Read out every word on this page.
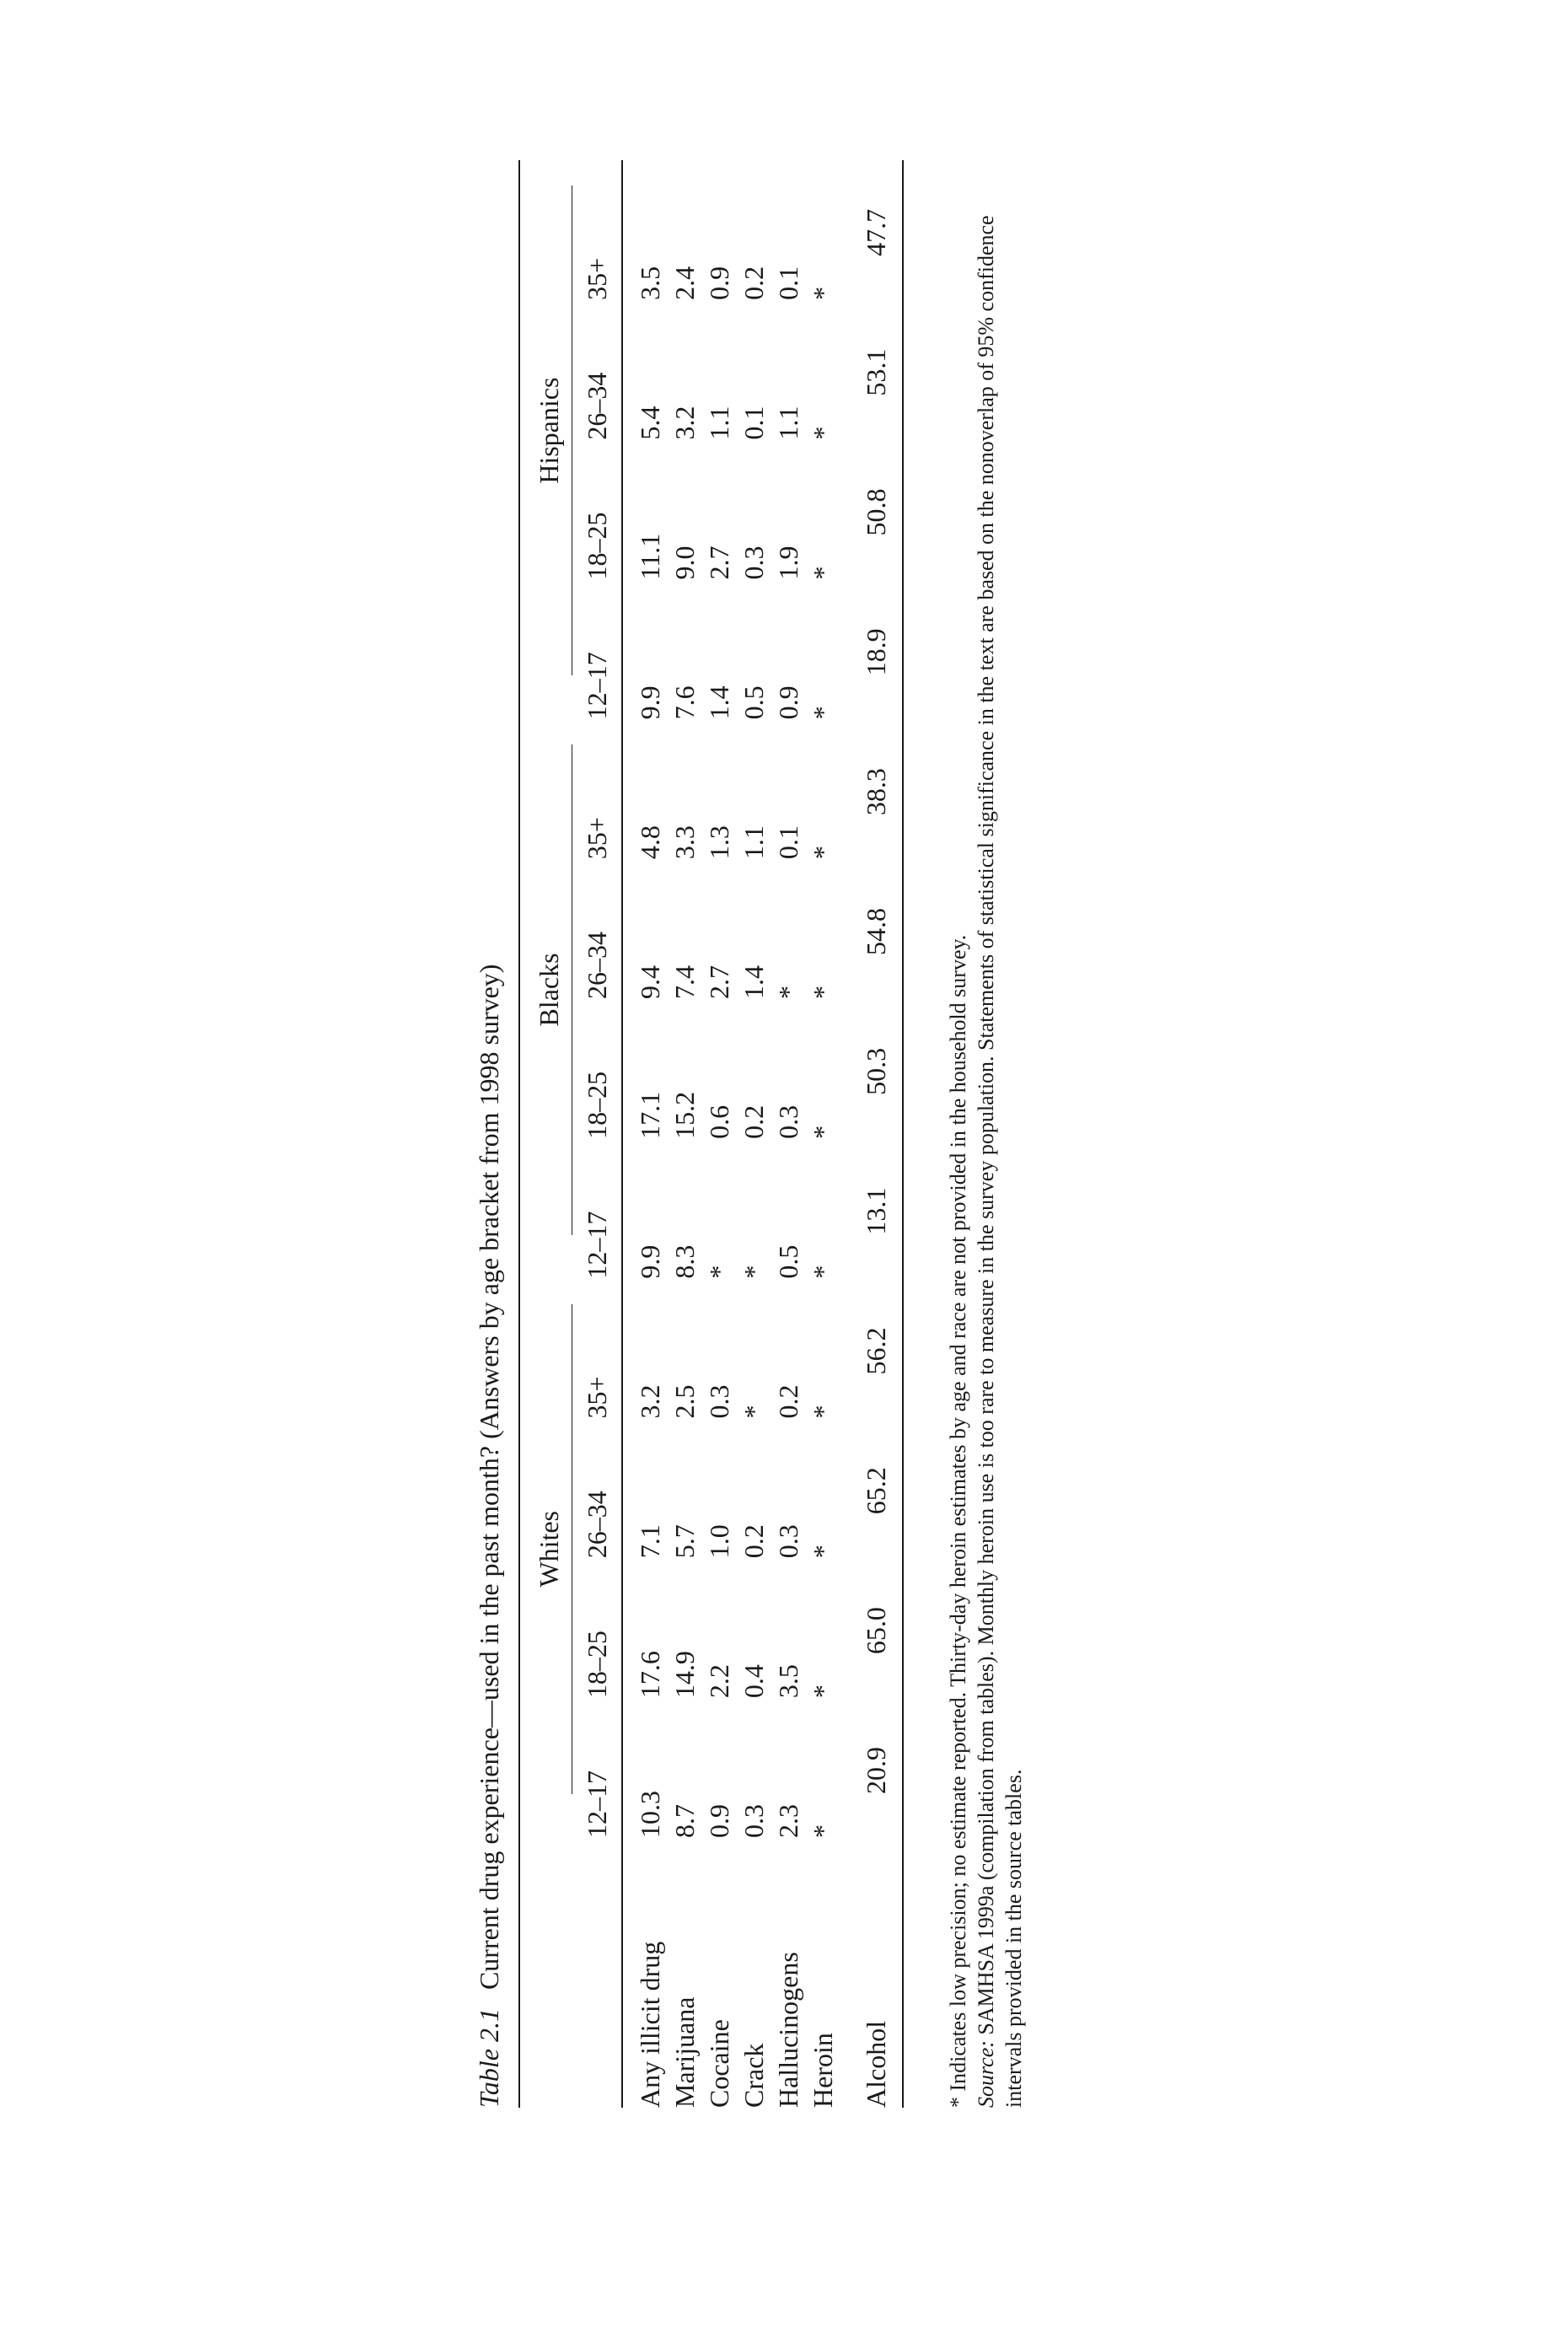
Table 2.1Current drug experience—used in the past month? (Answers by age bracket from 1998 survey)

	Whites				Blacks				Hispanics			

	12–17	18–25	26–34	35+	12–17	18–25	26–34	35+	12–17	18–25	26–34	35+
Any illicit drug	10.3	17.6	7.1	3.2	9.9	17.1	9.4	4.8	9.9	11.1	5.4	3.5
Marijuana	8.7	14.9	5.7	2.5	8.3	15.2	7.4	3.3	7.6	9.0	3.2	2.4
Cocaine	0.9	2.2	1.0	0.3	*	0.6	2.7	1.3	1.4	2.7	1.1	0.9
Crack	0.3	0.4	0.2	*	*	0.2	1.4	1.1	0.5	0.3	0.1	0.2
Hallucinogens	2.3	3.5	0.3	0.2	0.5	0.3	*	0.1	0.9	1.9	1.1	0.1
Heroin	*	*	*	*	*	*	*	*	*	*	*	*
Alcohol	20.9	65.0	65.2	56.2	13.1	50.3	54.8	38.3	18.9	50.8	53.1	47.7

* Indicates low precision; no estimate reported. Thirty-day heroin estimates by age and race are not provided in the household survey. Source: SAMHSA 1999a (compilation from tables). Monthly heroin use is too rare to measure in the survey population. Statements of statistical significance in the text are based on the nonoverlap of 95% confidence intervals provided in the source tables.
